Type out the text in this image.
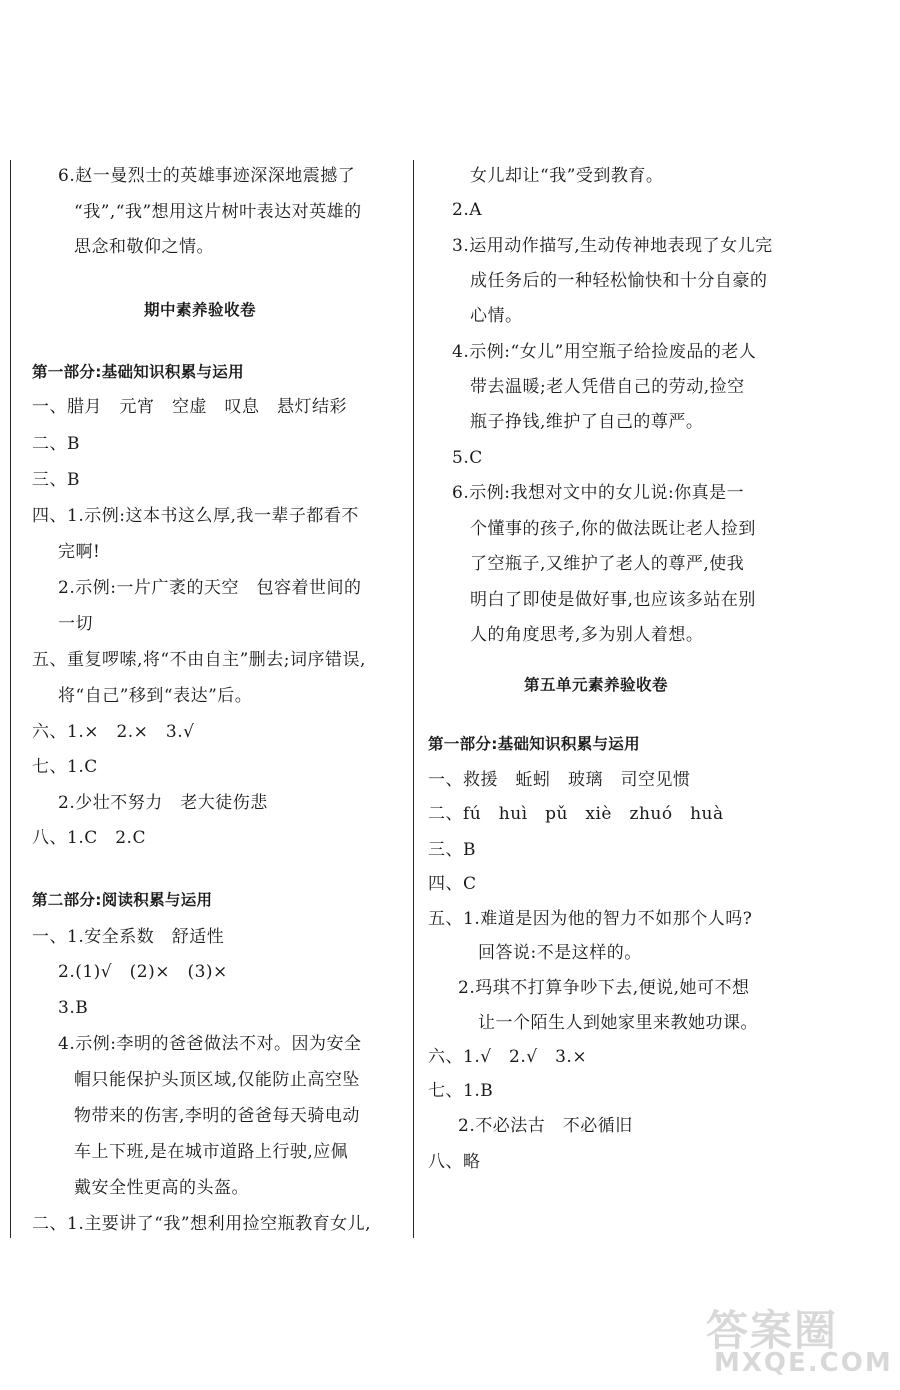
6.赵一曼烈士的英雄事迹深深地震撼了
“我”,“我”想用这片树叶表达对英雄的
思念和敬仰之情。
期中素养验收卷
第一部分:基础知识积累与运用
一、腊月　元宵　空虚　叹息　悬灯结彩
二、B
三、B
四、1.示例:这本书这么厚,我一辈子都看不
完啊!
2.示例:一片广袤的天空　包容着世间的
一切
五、重复啰嗦,将“不由自主”删去;词序错误,
将“自己”移到“表达”后。
六、1.×　2.×　3.√
七、1.C
2.少壮不努力　老大徒伤悲
八、1.C　2.C
第二部分:阅读积累与运用
一、1.安全系数　舒适性
2.(1)√　(2)×　(3)×
3.B
4.示例:李明的爸爸做法不对。因为安全
帽只能保护头顶区域,仅能防止高空坠
物带来的伤害,李明的爸爸每天骑电动
车上下班,是在城市道路上行驶,应佩
戴安全性更高的头盔。
二、1.主要讲了“我”想利用捡空瓶教育女儿,
女儿却让“我”受到教育。
2.A
3.运用动作描写,生动传神地表现了女儿完
成任务后的一种轻松愉快和十分自豪的
心情。
4.示例:“女儿”用空瓶子给捡废品的老人
带去温暖;老人凭借自己的劳动,捡空
瓶子挣钱,维护了自己的尊严。
5.C
6.示例:我想对文中的女儿说:你真是一
个懂事的孩子,你的做法既让老人捡到
了空瓶子,又维护了老人的尊严,使我
明白了即使是做好事,也应该多站在别
人的角度思考,多为别人着想。
第五单元素养验收卷
第一部分:基础知识积累与运用
一、救援　蚯蚓　玻璃　司空见惯
二、fú　huì　pǔ　xiè　zhuó　huà
三、B
四、C
五、1.难道是因为他的智力不如那个人吗?
回答说:不是这样的。
2.玛琪不打算争吵下去,便说,她可不想
让一个陌生人到她家里来教她功课。
六、1.√　2.√　3.×
七、1.B
2.不必法古　不必循旧
八、略
答案圈
MXQE.COM
